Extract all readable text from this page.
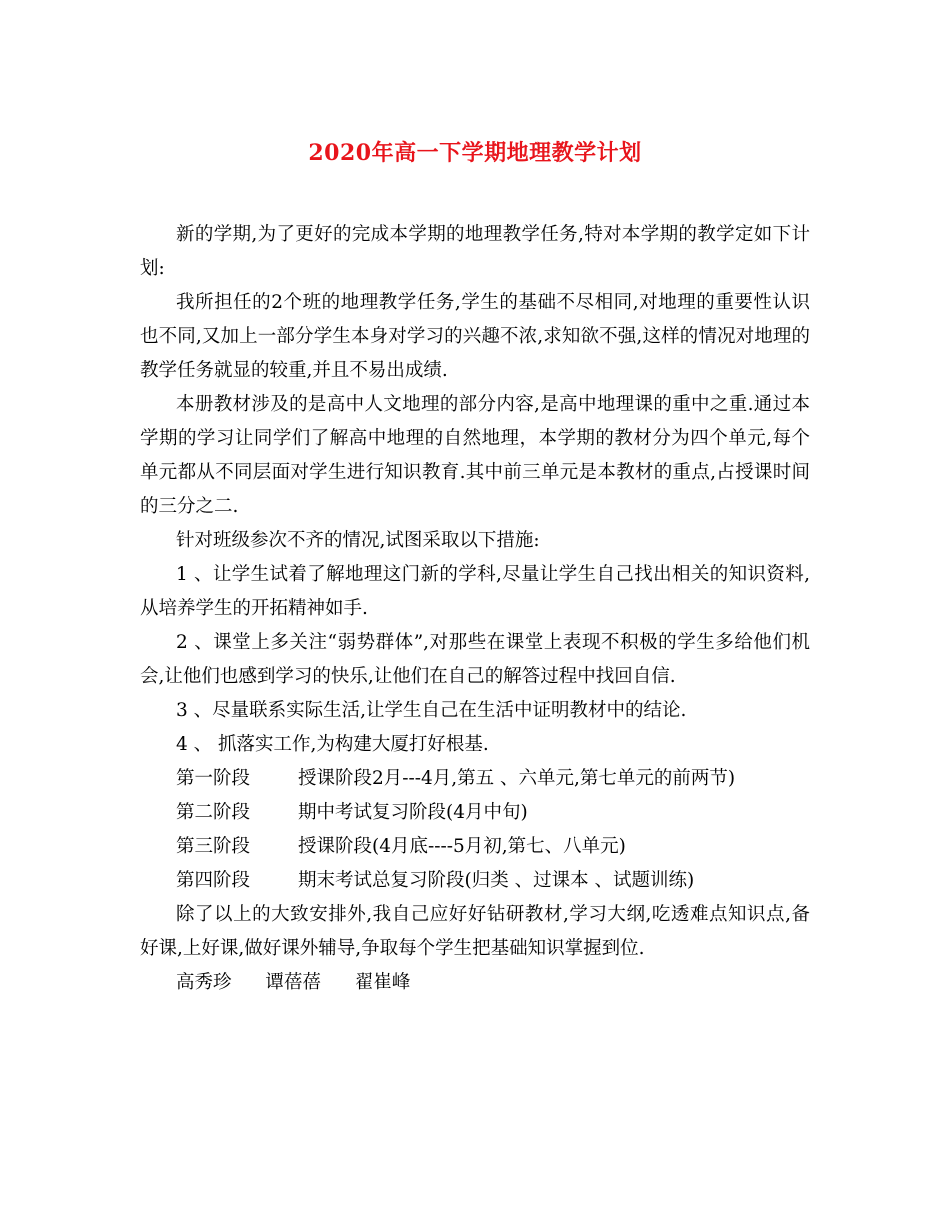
2020年高一下学期地理教学计划

新的学期,为了更好的完成本学期的地理教学任务,特对本学期的教学定如下计划:

我所担任的2个班的地理教学任务,学生的基础不尽相同,对地理的重要性认识也不同,又加上一部分学生本身对学习的兴趣不浓,求知欲不强,这样的情况对地理的教学任务就显的较重,并且不易出成绩.

本册教材涉及的是高中人文地理的部分内容,是高中地理课的重中之重.通过本学期的学习让同学们了解高中地理的自然地理，本学期的教材分为四个单元,每个单元都从不同层面对学生进行知识教育.其中前三单元是本教材的重点,占授课时间的三分之二.

针对班级参次不齐的情况,试图采取以下措施:

1 、让学生试着了解地理这门新的学科,尽量让学生自己找出相关的知识资料,从培养学生的开拓精神如手.

2 、课堂上多关注“弱势群体”,对那些在课堂上表现不积极的学生多给他们机会,让他们也感到学习的快乐,让他们在自己的解答过程中找回自信.

3 、尽量联系实际生活,让学生自己在生活中证明教材中的结论.

4 、 抓落实工作,为构建大厦打好根基.

第一阶段	授课阶段2月---4月,第五 、六单元,第七单元的前两节)
第二阶段	期中考试复习阶段(4月中旬)
第三阶段	授课阶段(4月底----5月初,第七、八单元)
第四阶段	期末考试总复习阶段(归类 、过课本 、试题训练)

除了以上的大致安排外,我自己应好好钻研教材,学习大纲,吃透难点知识点,备好课,上好课,做好课外辅导,争取每个学生把基础知识掌握到位.

高秀珍 谭蓓蓓 翟崔峰
